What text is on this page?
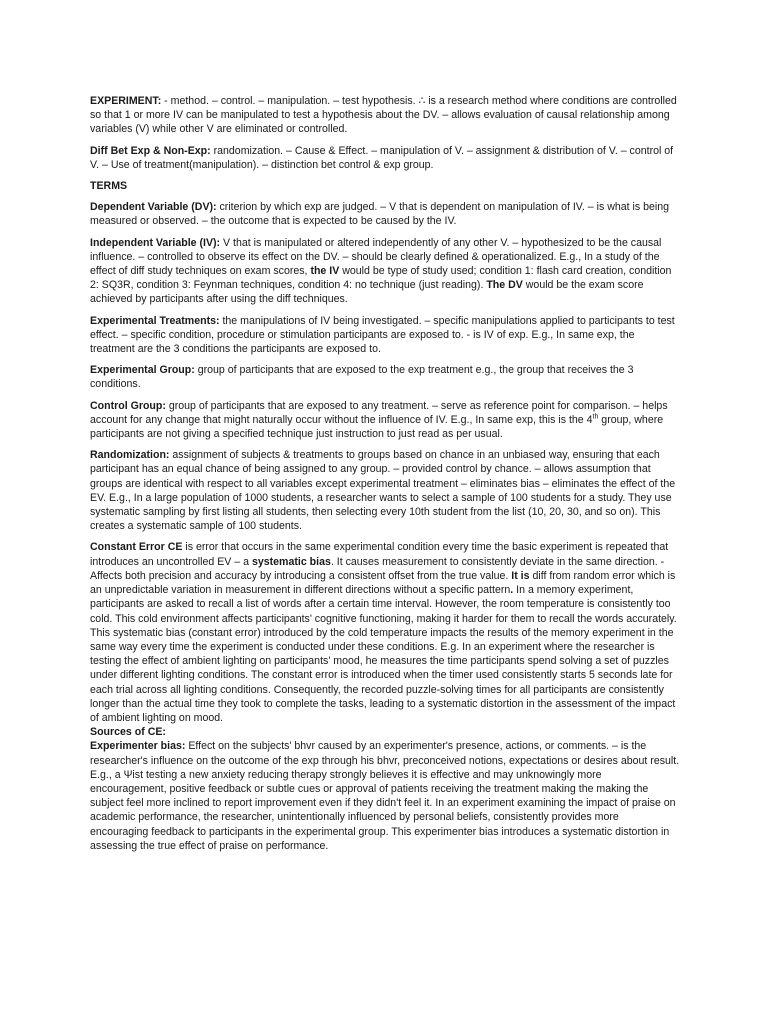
EXPERIMENT: - method. – control. – manipulation. – test hypothesis. ∴ is a research method where conditions are controlled so that 1 or more IV can be manipulated to test a hypothesis about the DV. – allows evaluation of causal relationship among variables (V) while other V are eliminated or controlled.

Diff Bet Exp & Non-Exp: randomization. – Cause & Effect. – manipulation of V. – assignment & distribution of V. – control of V. – Use of treatment(manipulation). – distinction bet control & exp group.

TERMS

Dependent Variable (DV): criterion by which exp are judged. – V that is dependent on manipulation of IV. – is what is being measured or observed. – the outcome that is expected to be caused by the IV.

Independent Variable (IV): V that is manipulated or altered independently of any other V. – hypothesized to be the causal influence. – controlled to observe its effect on the DV. – should be clearly defined & operationalized. E.g., In a study of the effect of diff study techniques on exam scores, the IV would be type of study used; condition 1: flash card creation, condition 2: SQ3R, condition 3: Feynman techniques, condition 4: no technique (just reading). The DV would be the exam score achieved by participants after using the diff techniques.

Experimental Treatments: the manipulations of IV being investigated. – specific manipulations applied to participants to test effect. – specific condition, procedure or stimulation participants are exposed to. - is IV of exp. E.g., In same exp, the treatment are the 3 conditions the participants are exposed to.

Experimental Group: group of participants that are exposed to the exp treatment e.g., the group that receives the 3 conditions.

Control Group: group of participants that are exposed to any treatment. – serve as reference point for comparison. – helps account for any change that might naturally occur without the influence of IV. E.g., In same exp, this is the 4th group, where participants are not giving a specified technique just instruction to just read as per usual.

Randomization: assignment of subjects & treatments to groups based on chance in an unbiased way, ensuring that each participant has an equal chance of being assigned to any group. – provided control by chance. – allows assumption that groups are identical with respect to all variables except experimental treatment – eliminates bias – eliminates the effect of the EV. E.g., In a large population of 1000 students, a researcher wants to select a sample of 100 students for a study. They use systematic sampling by first listing all students, then selecting every 10th student from the list (10, 20, 30, and so on). This creates a systematic sample of 100 students.

Constant Error CE is error that occurs in the same experimental condition every time the basic experiment is repeated that introduces an uncontrolled EV – a systematic bias. It causes measurement to consistently deviate in the same direction. - Affects both precision and accuracy by introducing a consistent offset from the true value. It is diff from random error which is an unpredictable variation in measurement in different directions without a specific pattern. In a memory experiment, participants are asked to recall a list of words after a certain time interval. However, the room temperature is consistently too cold. This cold environment affects participants' cognitive functioning, making it harder for them to recall the words accurately. This systematic bias (constant error) introduced by the cold temperature impacts the results of the memory experiment in the same way every time the experiment is conducted under these conditions. E.g. In an experiment where the researcher is testing the effect of ambient lighting on participants' mood, he measures the time participants spend solving a set of puzzles under different lighting conditions. The constant error is introduced when the timer used consistently starts 5 seconds late for each trial across all lighting conditions. Consequently, the recorded puzzle-solving times for all participants are consistently longer than the actual time they took to complete the tasks, leading to a systematic distortion in the assessment of the impact of ambient lighting on mood.

Sources of CE:

Experimenter bias: Effect on the subjects' bhvr caused by an experimenter's presence, actions, or comments. – is the researcher's influence on the outcome of the exp through his bhvr, preconceived notions, expectations or desires about result. E.g., a Ψist testing a new anxiety reducing therapy strongly believes it is effective and may unknowingly more encouragement, positive feedback or subtle cues or approval of patients receiving the treatment making the making the subject feel more inclined to report improvement even if they didn't feel it. In an experiment examining the impact of praise on academic performance, the researcher, unintentionally influenced by personal beliefs, consistently provides more encouraging feedback to participants in the experimental group. This experimenter bias introduces a systematic distortion in assessing the true effect of praise on performance.
